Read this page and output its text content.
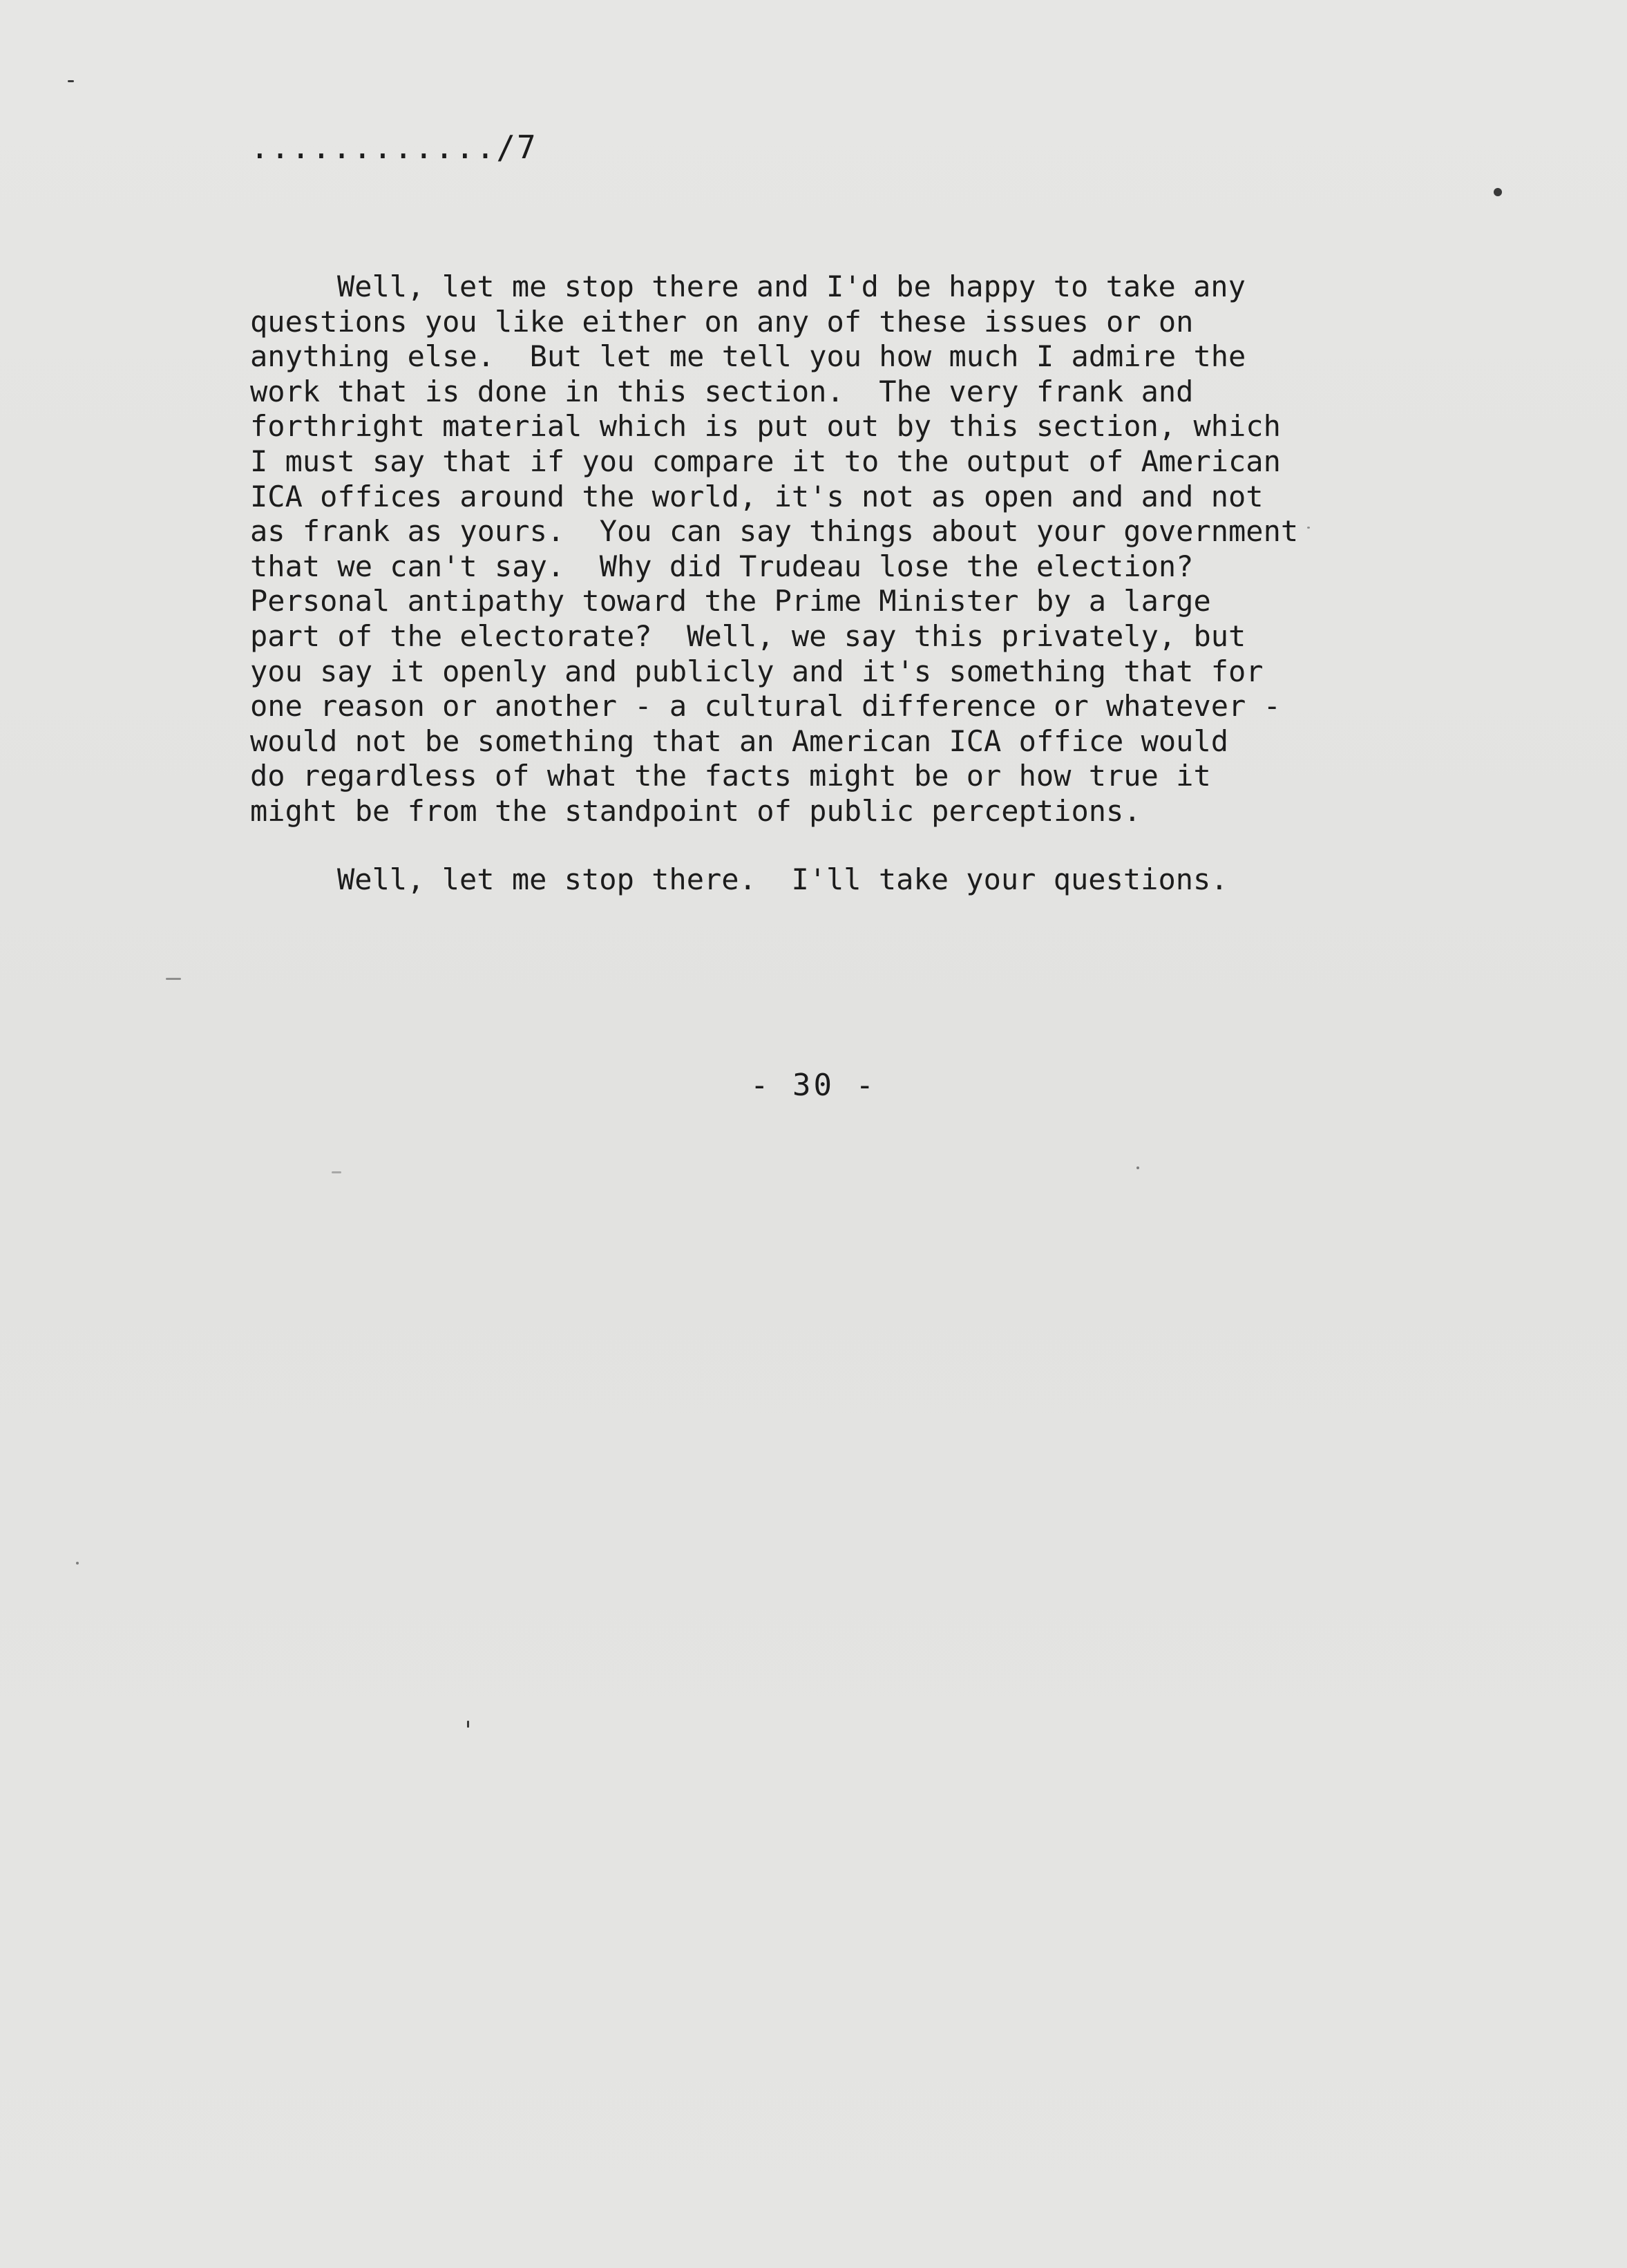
............/7
Well, let me stop there and I'd be happy to take any
questions you like either on any of these issues or on
anything else.  But let me tell you how much I admire the
work that is done in this section.  The very frank and
forthright material which is put out by this section, which
I must say that if you compare it to the output of American
ICA offices around the world, it's not as open and and not
as frank as yours.  You can say things about your government
that we can't say.  Why did Trudeau lose the election?
Personal antipathy toward the Prime Minister by a large
part of the electorate?  Well, we say this privately, but
you say it openly and publicly and it's something that for
one reason or another - a cultural difference or whatever -
would not be something that an American ICA office would
do regardless of what the facts might be or how true it
might be from the standpoint of public perceptions.
Well, let me stop there.  I'll take your questions.
- 30 -
